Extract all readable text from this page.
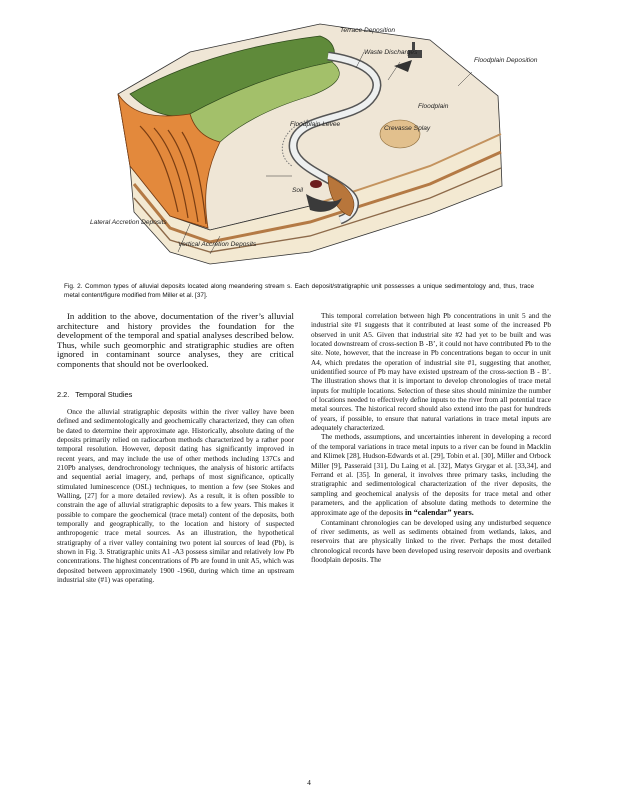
Terrace Deposition
Waste Discharges
Floodplain Deposition
Floodplain
Floodplain Levee
Crevasse Splay
Soil
Lateral Accretion Deposits
Vertical Accretion Deposits
Fig. 2. Common types of alluvial deposits located along meandering stream s. Each deposit/stratigraphic unit possesses a unique sedimentology and, thus, trace metal content/figure modified from Miller et al. [37].

In addition to the above, documentation of the river’s alluvial architecture and history provides the foundation for the development of the temporal and spatial analyses described below. Thus, while such geomorphic and stratigraphic studies are often ignored in contaminant source analyses, they are critical components that should not be overlooked.

2.2. Temporal Studies

Once the alluvial stratigraphic deposits within the river valley have been defined and sedimentologically and geochemically characterized, they can often be dated to determine their approximate age. Historically, absolute dating of the deposits primarily relied on radiocarbon methods characterized by a rather poor temporal resolution. However, deposit dating has significantly improved in recent years, and may include the use of other methods including 137Cs and 210Pb analyses, dendrochronology techniques, the analysis of historic artifacts and sequential aerial imagery, and, perhaps of most significance, optically stimulated luminescence (OSL) techniques, to mention a few (see Stokes and Walling, [27] for a more detailed review). As a result, it is often possible to constrain the age of alluvial stratigraphic deposits to a few years. This makes it possible to compare the geochemical (trace metal) content of the deposits, both temporally and geographically, to the location and history of suspected anthropogenic trace metal sources. As an illustration, the hypothetical stratigraphy of a river valley containing two potent ial sources of lead (Pb), is shown in Fig. 3. Stratigraphic units A1 -A3 possess similar and relatively low Pb concentrations. The highest concentrations of Pb are found in unit A5, which was deposited between approximately 1900 -1960, during which time an upstream industrial site (#1) was operating.

This temporal correlation between high Pb concentrations in unit 5 and the industrial site #1 suggests that it contributed at least some of the increased Pb observed in unit A5. Given that industrial site #2 had yet to be built and was located downstream of cross-section B -B’, it could not have contributed Pb to the site. Note, however, that the increase in Pb concentrations began to occur in unit A4, which predates the operation of industrial site #1, suggesting that another, unidentified source of Pb may have existed upstream of the cross-section B - B’. The illustration shows that it is important to develop chronologies of trace metal inputs for multiple locations. Selection of these sites should minimize the number of locations needed to effectively define inputs to the river from all potential trace metal sources. The historical record should also extend into the past for hundreds of years, if possible, to ensure that natural variations in trace metal inputs are adequately characterized.

The methods, assumptions, and uncertainties inherent in developing a record of the temporal variations in trace metal inputs to a river can be found in Macklin and Klimek [28], Hudson-Edwards et al. [29], Tobin et al. [30], Miller and Orbock Miller [9], Passeraid [31], Du Laing et al. [32], Matys Grygar et al. [33,34], and Ferrand et al. [35]. In general, it involves three primary tasks, including the stratigraphic and sedimentological characterization of the river deposits, the sampling and geochemical analysis of the deposits for trace metal and other parameters, and the application of absolute dating methods to determine the approximate age of the deposits in “calendar” years.

Contaminant chronologies can be developed using any undisturbed sequence of river sediments, as well as sediments obtained from wetlands, lakes, and reservoirs that are physically linked to the river. Perhaps the most detailed chronological records have been developed using reservoir deposits and overbank floodplain deposits. The

4
